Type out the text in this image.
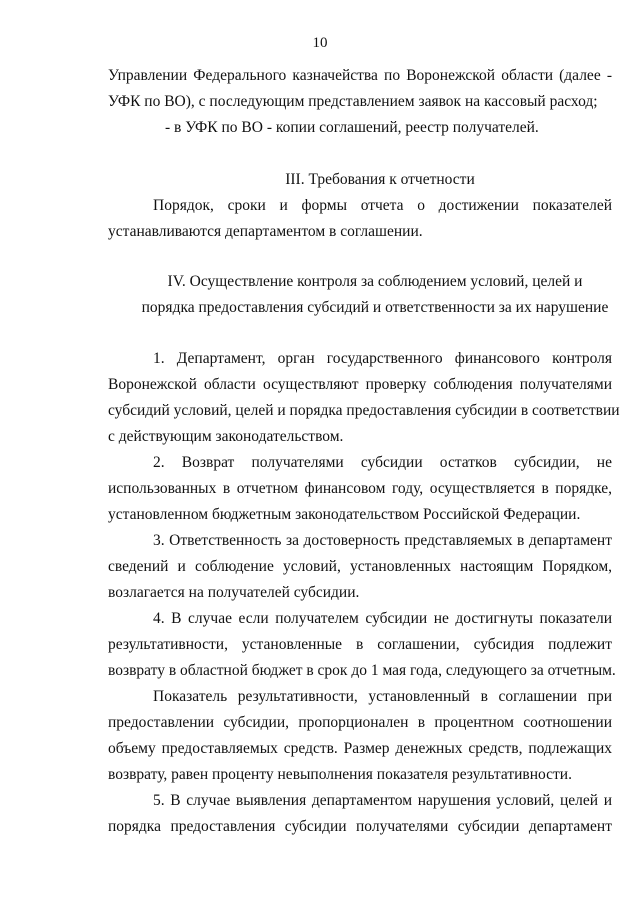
10
Управлении Федерального казначейства по Воронежской области (далее -
УФК по ВО), с последующим представлением заявок на кассовый расход;
- в УФК по ВО - копии соглашений, реестр получателей.
III. Требования к отчетности
Порядок, сроки и формы отчета о достижении показателей
устанавливаются департаментом в соглашении.
IV. Осуществление контроля за соблюдением условий, целей и
порядка предоставления субсидий и ответственности за их нарушение
1. Департамент, орган государственного финансового контроля
Воронежской области осуществляют проверку соблюдения получателями
субсидий условий, целей и порядка предоставления субсидии в соответствии
с действующим законодательством.
2. Возврат получателями субсидии остатков субсидии, не
использованных в отчетном финансовом году, осуществляется в порядке,
установленном бюджетным законодательством Российской Федерации.
3. Ответственность за достоверность представляемых в департамент
сведений и соблюдение условий, установленных настоящим Порядком,
возлагается на получателей субсидии.
4. В случае если получателем субсидии не достигнуты показатели
результативности, установленные в соглашении, субсидия подлежит
возврату в областной бюджет в срок до 1 мая года, следующего за отчетным.
Показатель результативности, установленный в соглашении при
предоставлении субсидии, пропорционален в процентном соотношении
объему предоставляемых средств. Размер денежных средств, подлежащих
возврату, равен проценту невыполнения показателя результативности.
5. В случае выявления департаментом нарушения условий, целей и
порядка предоставления субсидии получателями субсидии департамент
